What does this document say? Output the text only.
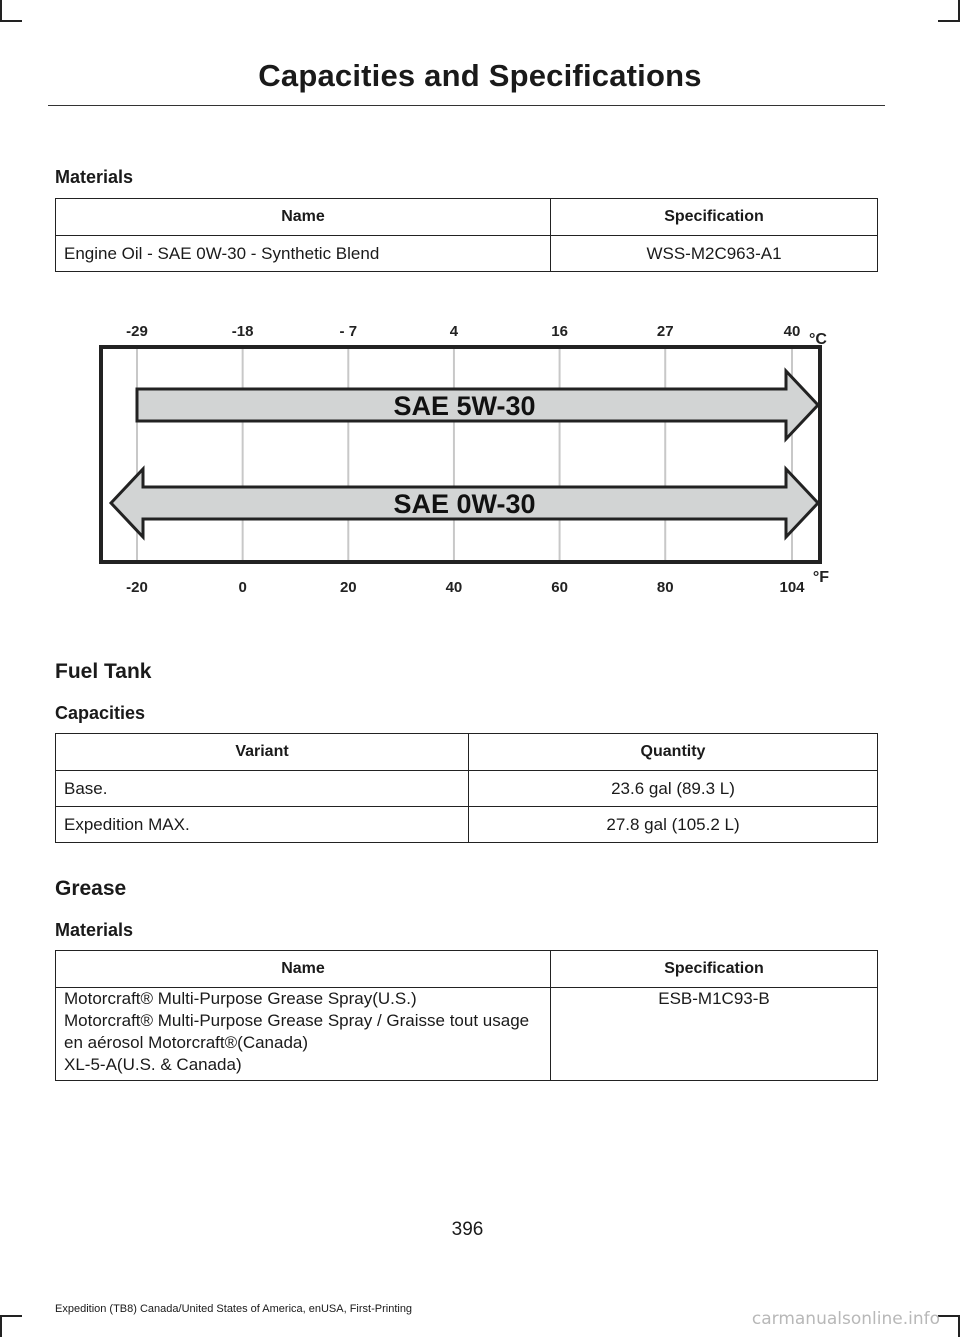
Capacities and Specifications
Materials
Name	Specification
Engine Oil - SAE 0W-30 - Synthetic Blend	WSS-M2C963-A1
-29	-18	- 7	4	16	27	40
-20	0	20	40	60	80	104
°C
°F
SAE 5W-30
SAE 0W-30
Fuel Tank
Capacities
Variant	Quantity
Base.	23.6 gal (89.3 L)
Expedition MAX.	27.8 gal (105.2 L)
Grease
Materials
Name	Specification
Motorcraft® Multi-Purpose Grease Spray(U.S.)
Motorcraft® Multi-Purpose Grease Spray / Graisse tout usage en aérosol Motorcraft®(Canada)
XL-5-A(U.S. & Canada)	ESB-M1C93-B
396
Expedition (TB8) Canada/United States of America, enUSA, First-Printing	carmanualsonline.info
